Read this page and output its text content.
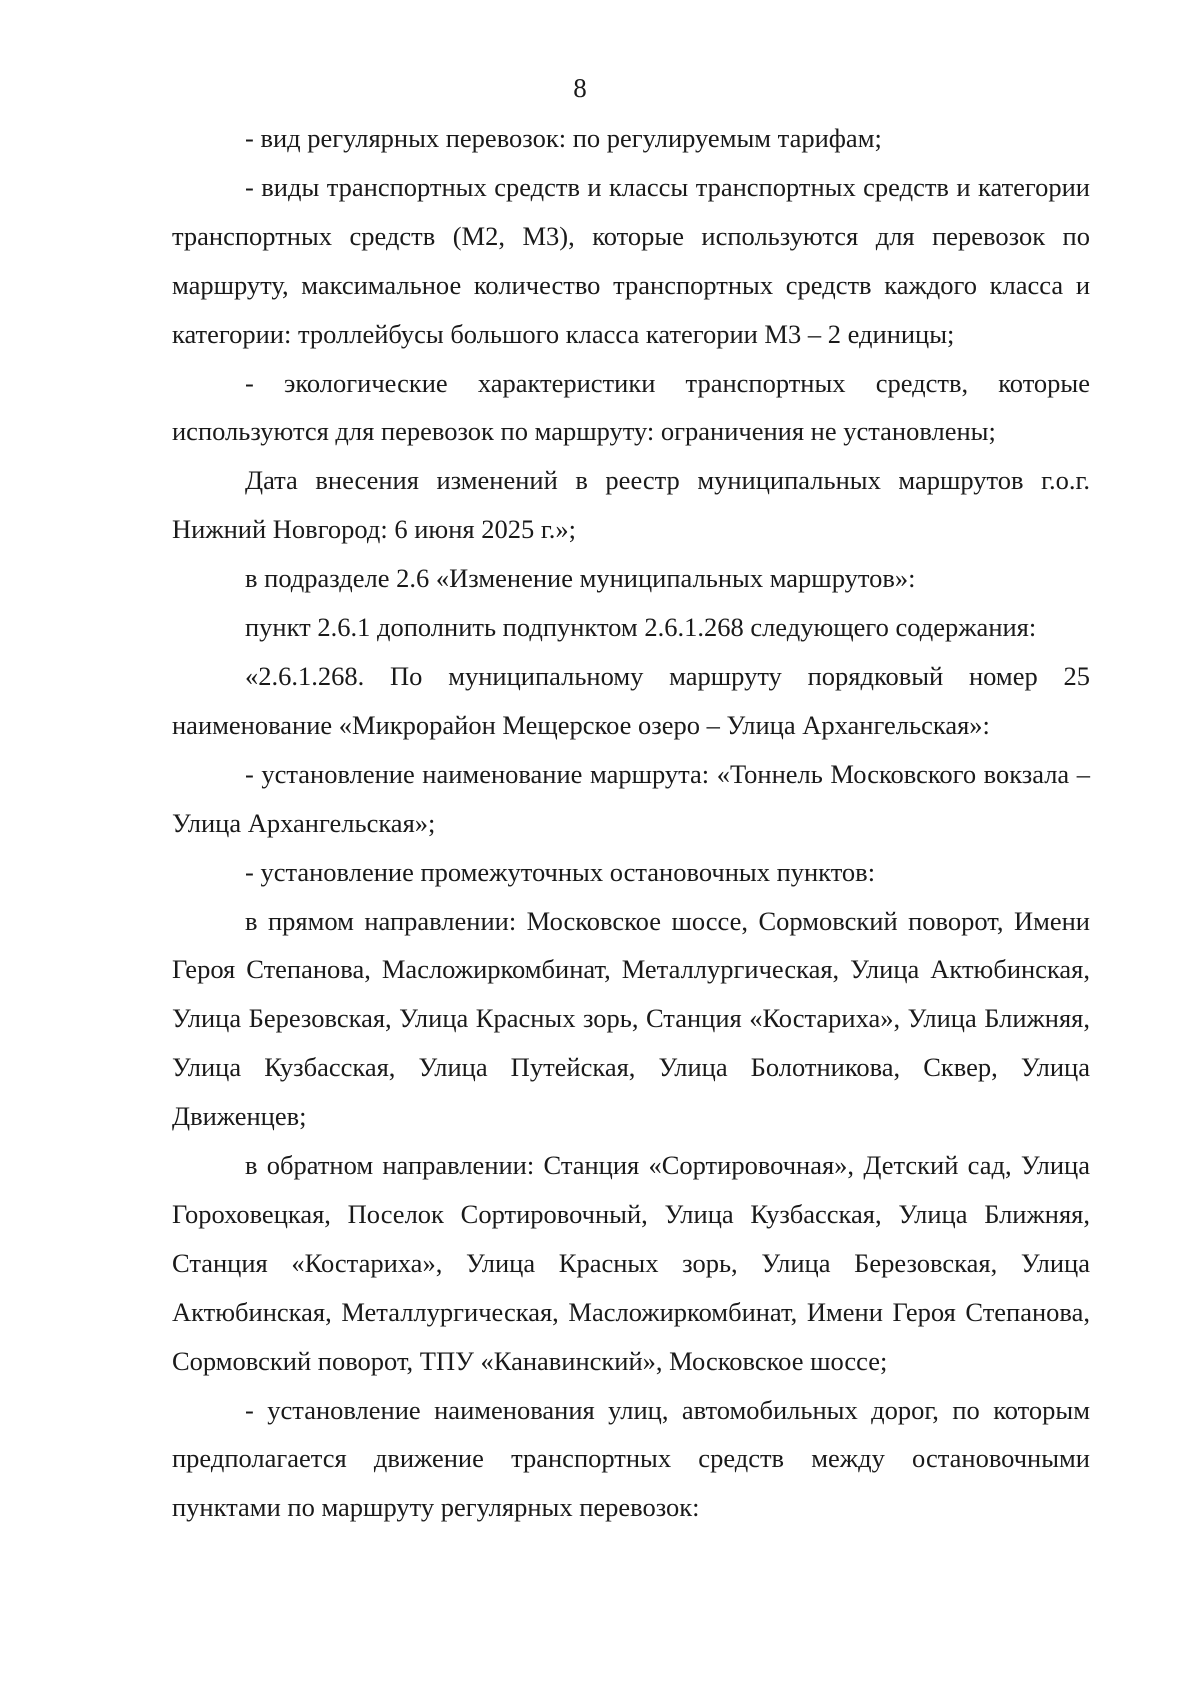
8

- вид регулярных перевозок: по регулируемым тарифам;

- виды транспортных средств и классы транспортных средств и категории транспортных средств (М2, М3), которые используются для перевозок по маршруту, максимальное количество транспортных средств каждого класса и категории: троллейбусы большого класса категории М3 – 2 единицы;

- экологические характеристики транспортных средств, которые используются для перевозок по маршруту: ограничения не установлены;

Дата внесения изменений в реестр муниципальных маршрутов г.о.г. Нижний Новгород: 6 июня 2025 г.»;

в подразделе 2.6 «Изменение муниципальных маршрутов»:

пункт 2.6.1 дополнить подпунктом 2.6.1.268 следующего содержания:

«2.6.1.268. По муниципальному маршруту порядковый номер 25 наименование «Микрорайон Мещерское озеро – Улица Архангельская»:

- установление наименование маршрута: «Тоннель Московского вокзала – Улица Архангельская»;

- установление промежуточных остановочных пунктов:

в прямом направлении: Московское шоссе, Сормовский поворот, Имени Героя Степанова, Масложиркомбинат, Металлургическая, Улица Актюбинская, Улица Березовская, Улица Красных зорь, Станция «Костариха», Улица Ближняя, Улица Кузбасская, Улица Путейская, Улица Болотникова, Сквер, Улица Движенцев;

в обратном направлении: Станция «Сортировочная», Детский сад, Улица Гороховецкая, Поселок Сортировочный, Улица Кузбасская, Улица Ближняя, Станция «Костариха», Улица Красных зорь, Улица Березовская, Улица Актюбинская, Металлургическая, Масложиркомбинат, Имени Героя Степанова, Сормовский поворот, ТПУ «Канавинский», Московское шоссе;

- установление наименования улиц, автомобильных дорог, по которым предполагается движение транспортных средств между остановочными пунктами по маршруту регулярных перевозок:
